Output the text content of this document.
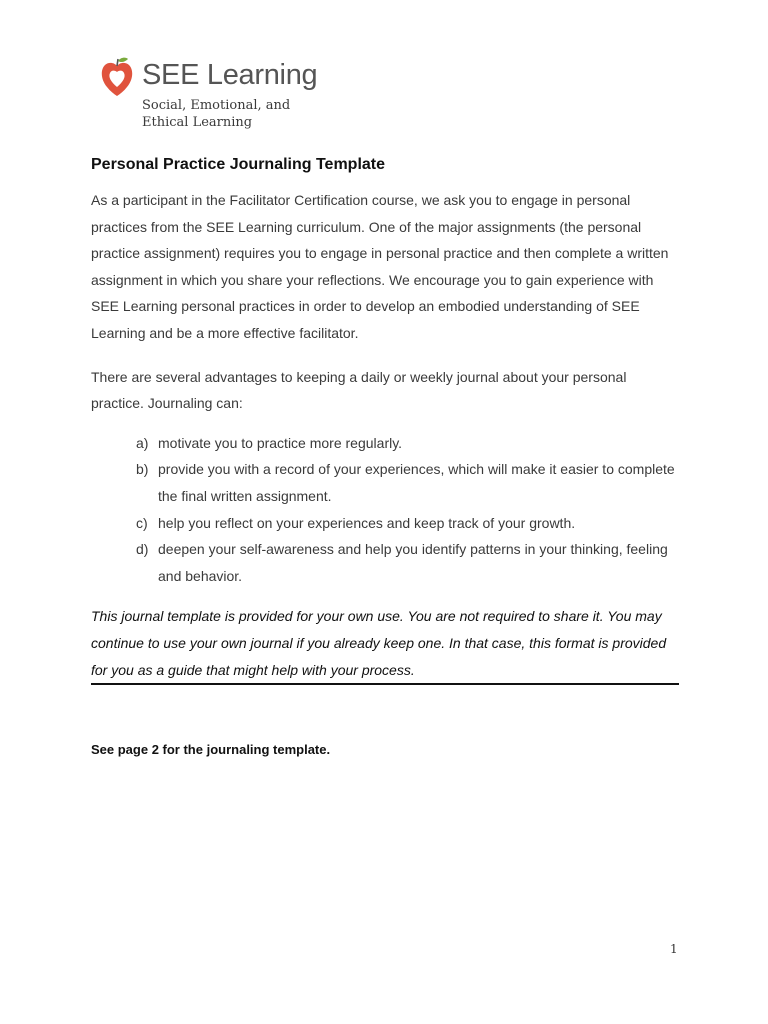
SEE Learning
Social, Emotional, and
Ethical Learning
Personal Practice Journaling Template

As a participant in the Facilitator Certification course, we ask you to engage in personal practices from the SEE Learning curriculum. One of the major assignments (the personal practice assignment) requires you to engage in personal practice and then complete a written assignment in which you share your reflections. We encourage you to gain experience with SEE Learning personal practices in order to develop an embodied understanding of SEE Learning and be a more effective facilitator.

There are several advantages to keeping a daily or weekly journal about your personal practice. Journaling can:

a) motivate you to practice more regularly.
b) provide you with a record of your experiences, which will make it easier to complete the final written assignment.
c) help you reflect on your experiences and keep track of your growth.
d) deepen your self-awareness and help you identify patterns in your thinking, feeling and behavior.

This journal template is provided for your own use. You are not required to share it. You may continue to use your own journal if you already keep one. In that case, this format is provided for you as a guide that might help with your process.

See page 2 for the journaling template.

1
